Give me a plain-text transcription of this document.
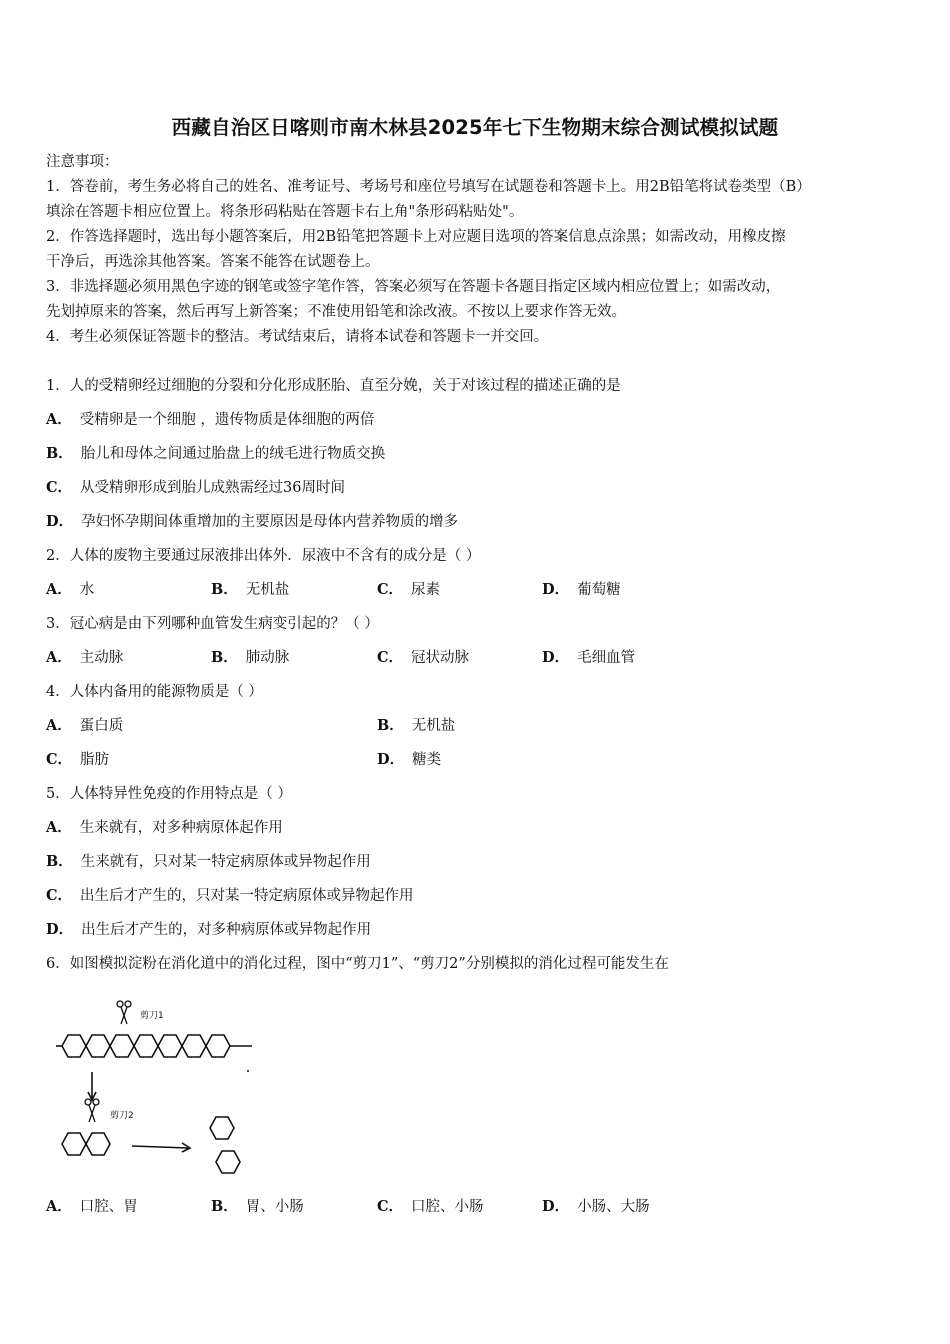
西藏自治区日喀则市南木林县2025年七下生物期末综合测试模拟试题
注意事项：
1．答卷前，考生务必将自己的姓名、准考证号、考场号和座位号填写在试题卷和答题卡上。用2B铅笔将试卷类型（B）
填涂在答题卡相应位置上。将条形码粘贴在答题卡右上角"条形码粘贴处"。
2．作答选择题时，选出每小题答案后，用2B铅笔把答题卡上对应题目选项的答案信息点涂黑；如需改动，用橡皮擦
干净后，再选涂其他答案。答案不能答在试题卷上。
3．非选择题必须用黑色字迹的钢笔或签字笔作答，答案必须写在答题卡各题目指定区域内相应位置上；如需改动，
先划掉原来的答案，然后再写上新答案；不准使用铅笔和涂改液。不按以上要求作答无效。
4．考生必须保证答题卡的整洁。考试结束后，请将本试卷和答题卡一并交回。
1．人的受精卵经过细胞的分裂和分化形成胚胎、直至分娩，关于对该过程的描述正确的是
A． 受精卵是一个细胞 ，遗传物质是体细胞的两倍
B． 胎儿和母体之间通过胎盘上的绒毛进行物质交换
C． 从受精卵形成到胎儿成熟需经过36周时间
D． 孕妇怀孕期间体重增加的主要原因是母体内营养物质的增多
2．人体的废物主要通过尿液排出体外．尿液中不含有的成分是（ ）
A． 水	B． 无机盐	C． 尿素	D． 葡萄糖
3．冠心病是由下列哪种血管发生病变引起的？（ ）
A． 主动脉	B． 肺动脉	C． 冠状动脉	D． 毛细血管
4．人体内备用的能源物质是（ ）
A． 蛋白质	B． 无机盐
C． 脂肪	D． 糖类
5．人体特异性免疫的作用特点是（ ）
A． 生来就有，对多种病原体起作用
B． 生来就有，只对某一特定病原体或异物起作用
C． 出生后才产生的，只对某一特定病原体或异物起作用
D． 出生后才产生的，对多种病原体或异物起作用
6．如图模拟淀粉在消化道中的消化过程，图中“剪刀1”、“剪刀2”分别模拟的消化过程可能发生在
剪刀1
剪刀2
A． 口腔、胃	B． 胃、小肠	C． 口腔、小肠	D． 小肠、大肠
